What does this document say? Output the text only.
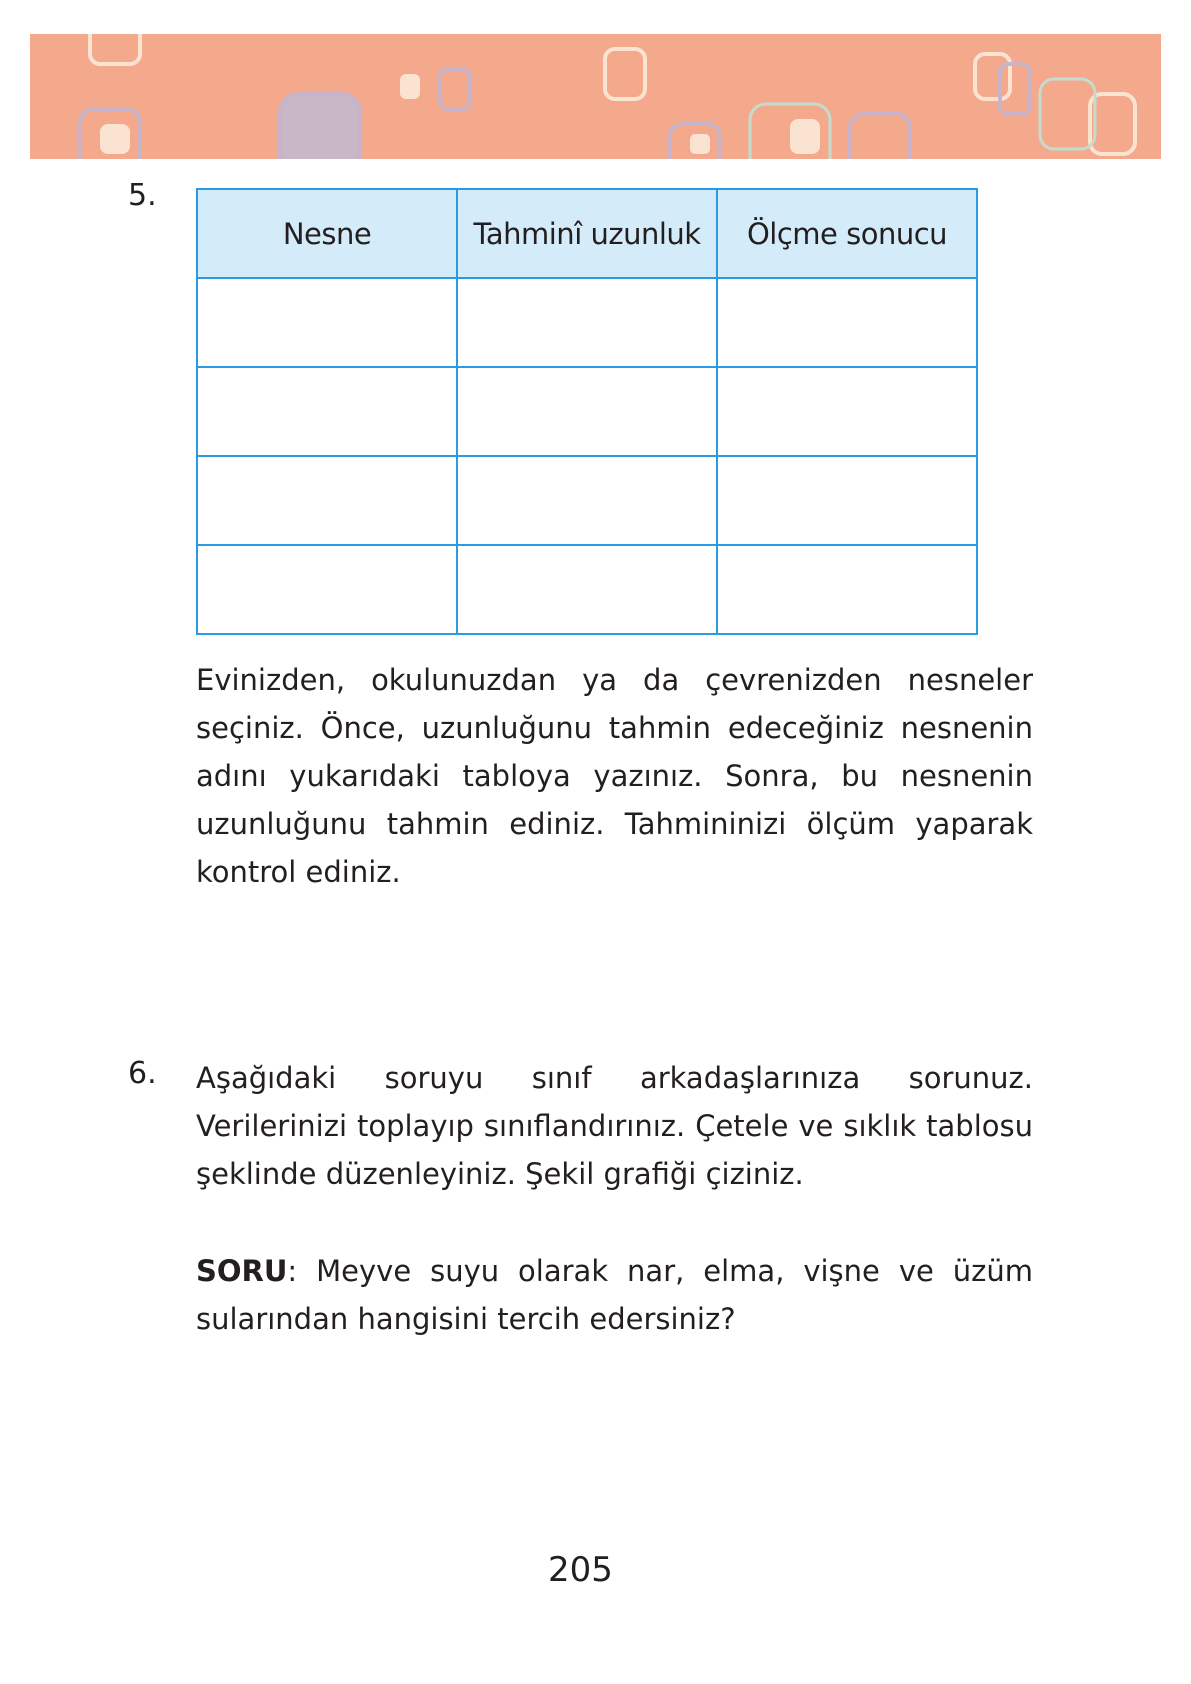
5.
Nesne	Tahminî uzunluk	Ölçme sonucu

Evinizden, okulunuzdan ya da çevrenizden nesneler seçiniz. Önce, uzunluğunu tahmin edeceğiniz nesnenin adını yukarıdaki tabloya yazınız. Sonra, bu nesnenin uzunluğunu tahmin ediniz. Tahmininizi ölçüm yaparak kontrol ediniz.
6. Aşağıdaki soruyu sınıf arkadaşlarınıza sorunuz. Verilerinizi toplayıp sınıflandırınız. Çetele ve sıklık tablosu şeklinde düzenleyiniz. Şekil grafiği çiziniz.
SORU: Meyve suyu olarak nar, elma, vişne ve üzüm sularından hangisini tercih edersiniz?
205
